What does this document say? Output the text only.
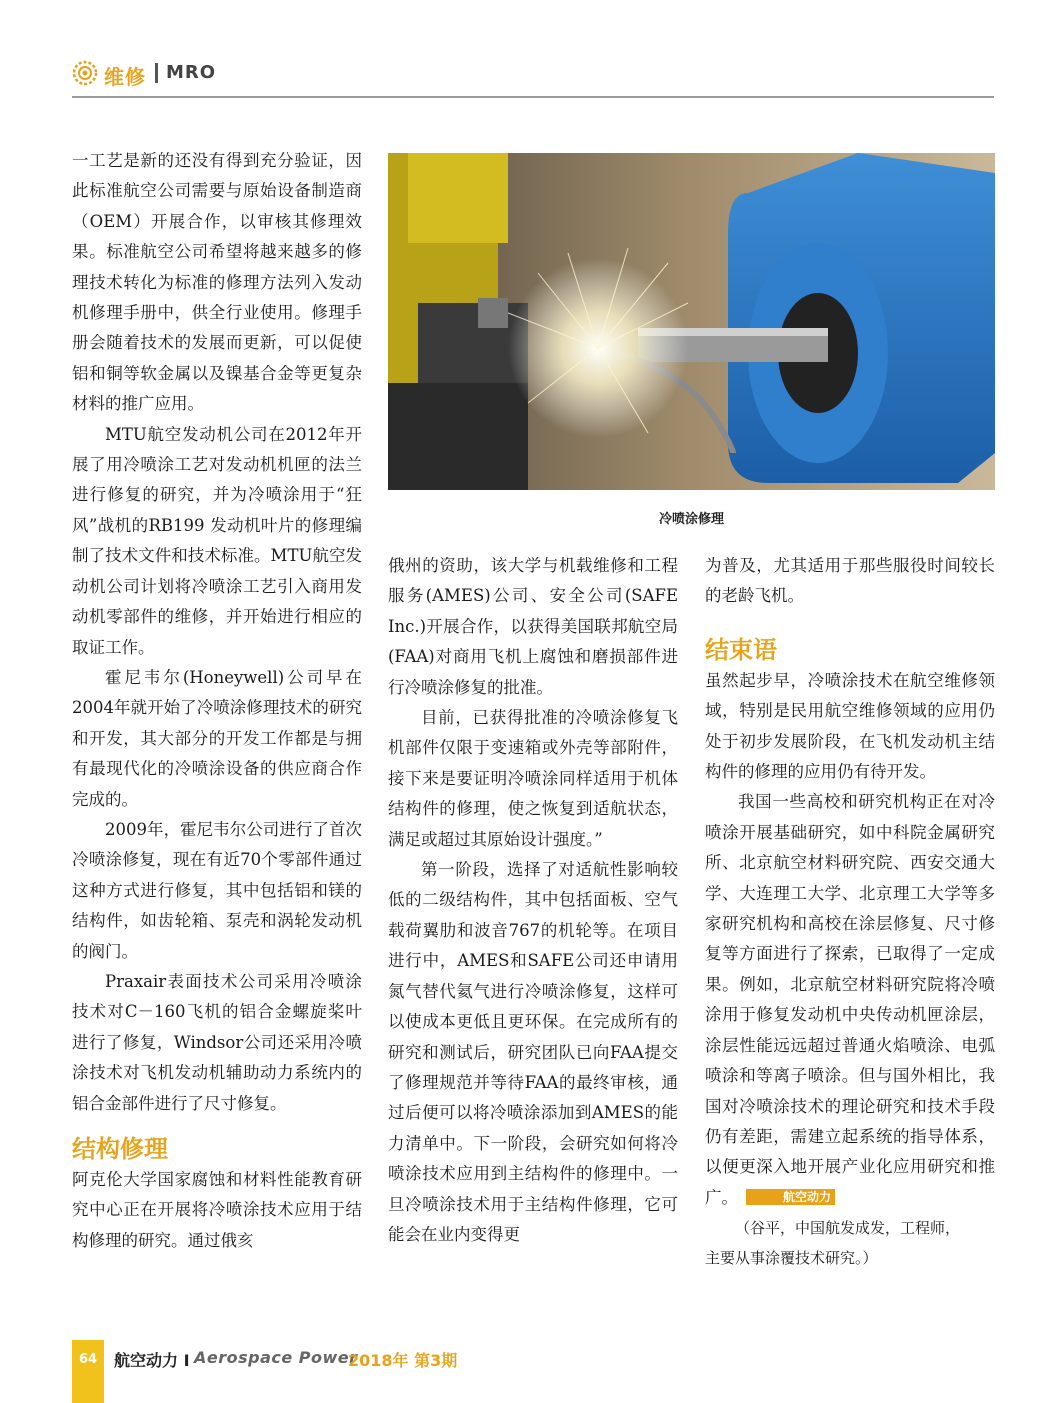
维修 MRO

一工艺是新的还没有得到充分验证，因此标准航空公司需要与原始设备制造商（OEM）开展合作，以审核其修理效果。标准航空公司希望将越来越多的修理技术转化为标准的修理方法列入发动机修理手册中，供全行业使用。修理手册会随着技术的发展而更新，可以促使铝和铜等软金属以及镍基合金等更复杂材料的推广应用。

MTU航空发动机公司在2012年开展了用冷喷涂工艺对发动机机匣的法兰进行修复的研究，并为冷喷涂用于“狂风”战机的RB199 发动机叶片的修理编制了技术文件和技术标准。MTU航空发动机公司计划将冷喷涂工艺引入商用发动机零部件的维修，并开始进行相应的取证工作。

霍尼韦尔(Honeywell)公司早在2004年就开始了冷喷涂修理技术的研究和开发，其大部分的开发工作都是与拥有最现代化的冷喷涂设备的供应商合作完成的。

2009年，霍尼韦尔公司进行了首次冷喷涂修复，现在有近70个零部件通过这种方式进行修复，其中包括铝和镁的结构件，如齿轮箱、泵壳和涡轮发动机的阀门。

Praxair表面技术公司采用冷喷涂技术对C－160飞机的铝合金螺旋桨叶进行了修复，Windsor公司还采用冷喷涂技术对飞机发动机辅助动力系统内的铝合金部件进行了尺寸修复。

结构修理

阿克伦大学国家腐蚀和材料性能教育研究中心正在开展将冷喷涂技术应用于结构修理的研究。通过俄亥

冷喷涂修理

俄州的资助，该大学与机载维修和工程服务(AMES)公司、安全公司(SAFE Inc.)开展合作，以获得美国联邦航空局(FAA)对商用飞机上腐蚀和磨损部件进行冷喷涂修复的批准。

目前，已获得批准的冷喷涂修复飞机部件仅限于变速箱或外壳等部附件，接下来是要证明冷喷涂同样适用于机体结构件的修理，使之恢复到适航状态，满足或超过其原始设计强度。”

第一阶段，选择了对适航性影响较低的二级结构件，其中包括面板、空气载荷翼肋和波音767的机轮等。在项目进行中，AMES和SAFE公司还申请用氮气替代氦气进行冷喷涂修复，这样可以使成本更低且更环保。在完成所有的研究和测试后，研究团队已向FAA提交了修理规范并等待FAA的最终审核，通过后便可以将冷喷涂添加到AMES的能力清单中。下一阶段，会研究如何将冷喷涂技术应用到主结构件的修理中。一旦冷喷涂技术用于主结构件修理，它可能会在业内变得更

为普及，尤其适用于那些服役时间较长的老龄飞机。

结束语

虽然起步早，冷喷涂技术在航空维修领域，特别是民用航空维修领域的应用仍处于初步发展阶段，在飞机发动机主结构件的修理的应用仍有待开发。

我国一些高校和研究机构正在对冷喷涂开展基础研究，如中科院金属研究所、北京航空材料研究院、西安交通大学、大连理工大学、北京理工大学等多家研究机构和高校在涂层修复、尺寸修复等方面进行了探索，已取得了一定成果。例如，北京航空材料研究院将冷喷涂用于修复发动机中央传动机匣涂层，涂层性能远远超过普通火焰喷涂、电弧喷涂和等离子喷涂。但与国外相比，我国对冷喷涂技术的理论研究和技术手段仍有差距，需建立起系统的指导体系，以便更深入地开展产业化应用研究和推广。	航空动力

（谷平，中国航发成发，工程师，

主要从事涂覆技术研究。）

64	航空动力 I Aerospace Power
2018年 第3期
